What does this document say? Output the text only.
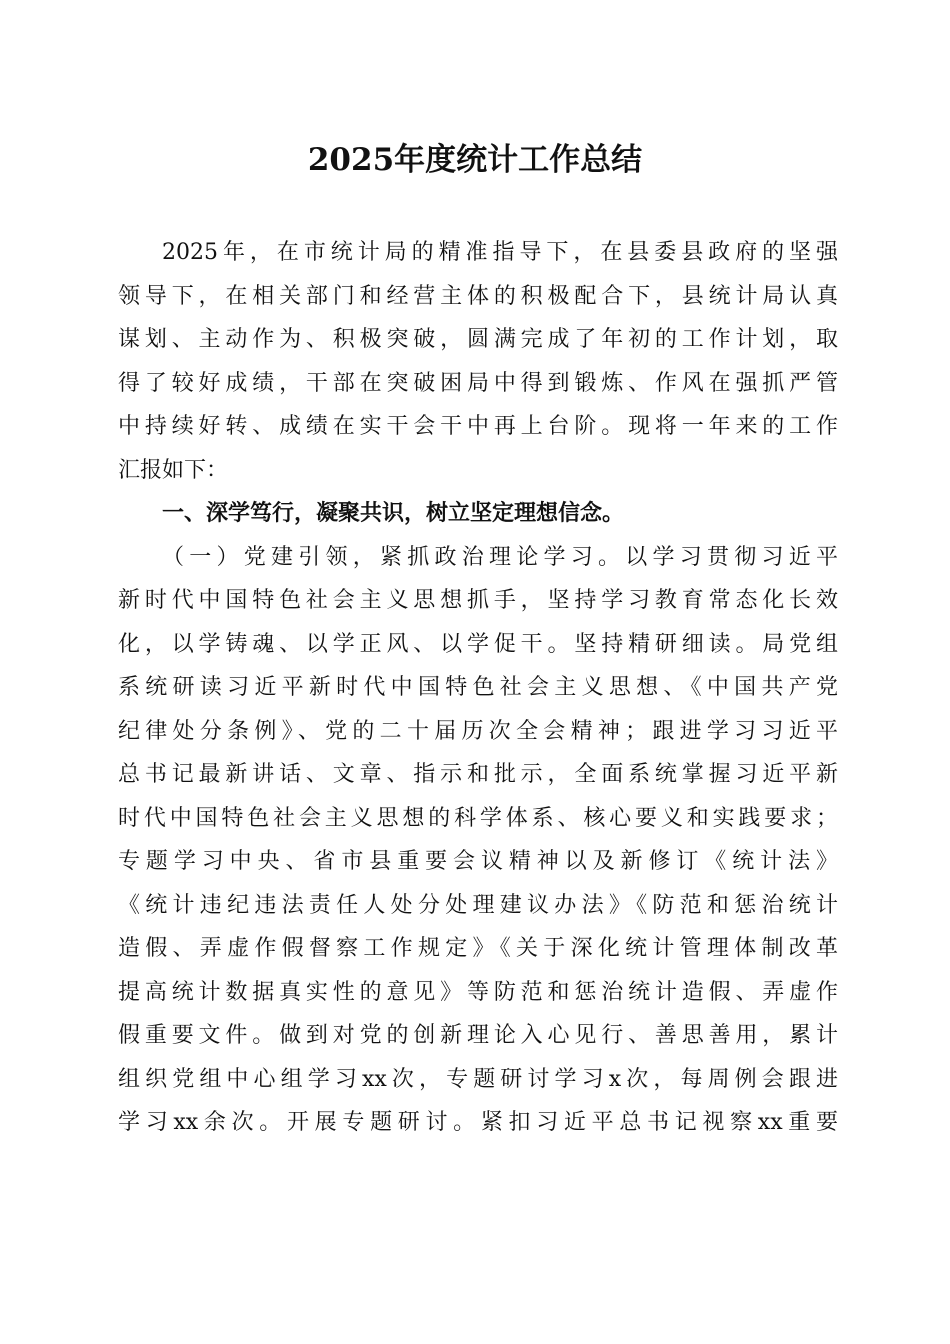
2025年度统计工作总结
2025年，在市统计局的精准指导下，在县委县政府的坚强
领导下，在相关部门和经营主体的积极配合下，县统计局认真
谋划、主动作为、积极突破，圆满完成了年初的工作计划，取
得了较好成绩，干部在突破困局中得到锻炼、作风在强抓严管
中持续好转、成绩在实干会干中再上台阶。现将一年来的工作
汇报如下：
一、深学笃行，凝聚共识，树立坚定理想信念。
（一）党建引领，紧抓政治理论学习。以学习贯彻习近平
新时代中国特色社会主义思想抓手，坚持学习教育常态化长效
化，以学铸魂、以学正风、以学促干。坚持精研细读。局党组
系统研读习近平新时代中国特色社会主义思想、《中国共产党
纪律处分条例》、党的二十届历次全会精神；跟进学习习近平
总书记最新讲话、文章、指示和批示，全面系统掌握习近平新
时代中国特色社会主义思想的科学体系、核心要义和实践要求；
专题学习中央、省市县重要会议精神以及新修订《统计法》
《统计违纪违法责任人处分处理建议办法》《防范和惩治统计
造假、弄虚作假督察工作规定》《关于深化统计管理体制改革
提高统计数据真实性的意见》等防范和惩治统计造假、弄虚作
假重要文件。做到对党的创新理论入心见行、善思善用，累计
组织党组中心组学习xx次，专题研讨学习x次，每周例会跟进
学习xx余次。开展专题研讨。紧扣习近平总书记视察xx重要
